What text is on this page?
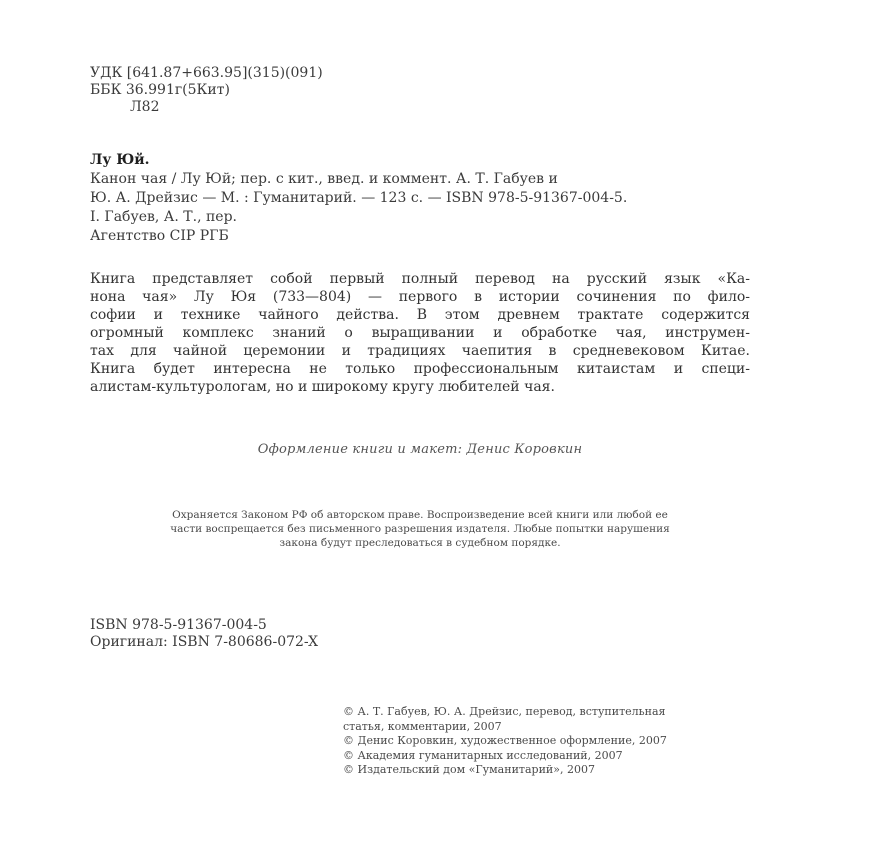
УДК [641.87+663.95](315)(091)
ББК 36.991г(5Кит)
Л82
Лу Юй.
Канон чая / Лу Юй; пер. с кит., введ. и коммент. А. Т. Габуев и
Ю. А. Дрейзис — М. : Гуманитарий. — 123 с. — ISBN 978-5-91367-004-5.
I. Габуев, А. Т., пер.
Агентство CIP РГБ
Книга представляет собой первый полный перевод на русский язык «Ка-
нона чая» Лу Юя (733—804) — первого в истории сочинения по фило-
софии и технике чайного действа. В этом древнем трактате содержится
огромный комплекс знаний о выращивании и обработке чая, инструмен-
тах для чайной церемонии и традициях чаепития в средневековом Китае.
Книга будет интересна не только профессиональным китаистам и специ-
алистам-культурологам, но и широкому кругу любителей чая.
Оформление книги и макет: Денис Коровкин
Охраняется Законом РФ об авторском праве. Воспроизведение всей книги или любой ее
части воспрещается без письменного разрешения издателя. Любые попытки нарушения
закона будут преследоваться в судебном порядке.
ISBN 978-5-91367-004-5
Оригинал: ISBN 7-80686-072-X
© А. Т. Габуев, Ю. А. Дрейзис, перевод, вступительная
статья, комментарии, 2007
© Денис Коровкин, художественное оформление, 2007
© Академия гуманитарных исследований, 2007
© Издательский дом «Гуманитарий», 2007
